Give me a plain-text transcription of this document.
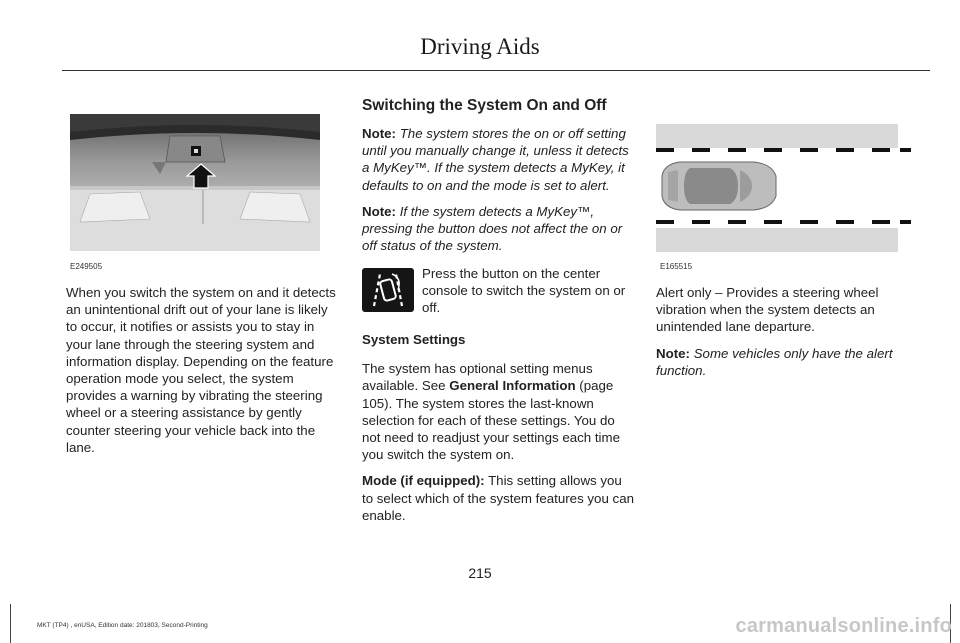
Driving Aids
E249505

When you switch the system on and it detects an unintentional drift out of your lane is likely to occur, it notifies or assists you to stay in your lane through the steering system and information display. Depending on the feature operation mode you select, the system provides a warning by vibrating the steering wheel or a steering assistance by gently counter steering your vehicle back into the lane.

Switching the System On and Off

Note: The system stores the on or off setting until you manually change it, unless it detects a MyKey™. If the system detects a MyKey, it defaults to on and the mode is set to alert.

Note: If the system detects a MyKey™, pressing the button does not affect the on or off status of the system.

Press the button on the center console to switch the system on or off.

System Settings

The system has optional setting menus available. See General Information (page 105). The system stores the last-known selection for each of these settings. You do not need to readjust your settings each time you switch the system on.

Mode (if equipped): This setting allows you to select which of the system features you can enable.

E165515

Alert only – Provides a steering wheel vibration when the system detects an unintended lane departure.

Note: Some vehicles only have the alert function.

215
MKT (TP4) , enUSA, Edition date: 201803, Second-Printing	carmanualsonline.info
